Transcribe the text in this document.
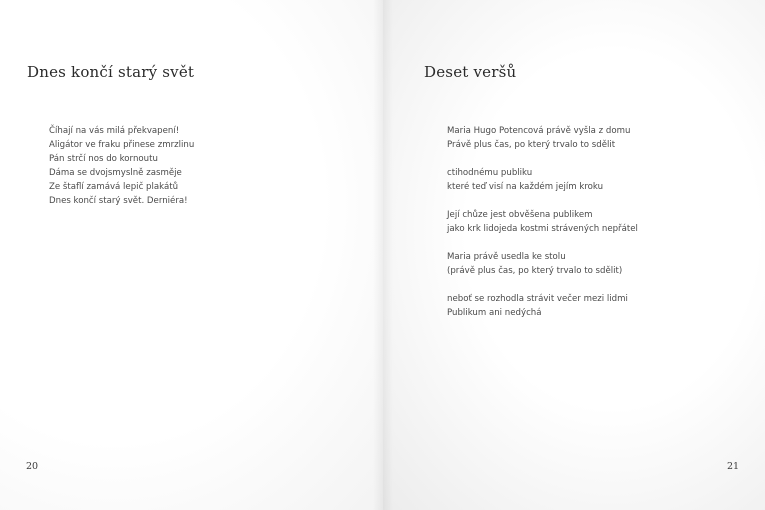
Dnes končí starý svět
Číhají na vás milá překvapení!
Aligátor ve fraku přinese zmrzlinu
Pán strčí nos do kornoutu
Dáma se dvojsmyslně zasměje
Ze štaflí zamává lepič plakátů
Dnes končí starý svět. Derniéra!
20
Deset veršů
Maria Hugo Potencová právě vyšla z domu
Právě plus čas, po který trvalo to sdělit
ctihodnému publiku
které teď visí na každém jejím kroku
Její chůze jest obvěšena publikem
jako krk lidojeda kostmi strávených nepřátel
Maria právě usedla ke stolu
(právě plus čas, po který trvalo to sdělit)
neboť se rozhodla strávit večer mezi lidmi
Publikum ani nedýchá
21
